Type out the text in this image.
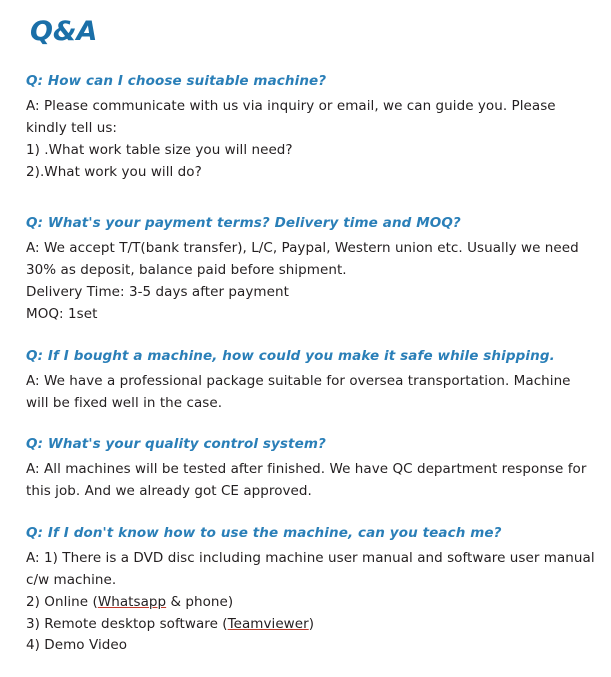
Q&A

Q: How can I choose suitable machine?

A: Please communicate with us via inquiry or email, we can guide you. Please kindly tell us:

1) .What work table size you will need?

2).What work you will do?

Q: What's your payment terms? Delivery time and MOQ?

A: We accept T/T(bank transfer), L/C, Paypal, Western union etc. Usually we need 30% as deposit, balance paid before shipment.

Delivery Time: 3-5 days after payment

MOQ: 1set

Q: If I bought a machine, how could you make it safe while shipping.

A: We have a professional package suitable for oversea transportation. Machine will be fixed well in the case.

Q: What's your quality control system?

A: All machines will be tested after finished. We have QC department response for this job. And we already got CE approved.

Q: If I don't know how to use the machine, can you teach me?

A: 1) There is a DVD disc including machine user manual and software user manual c/w machine.

2) Online (Whatsapp & phone)

3) Remote desktop software (Teamviewer)

4) Demo Video
